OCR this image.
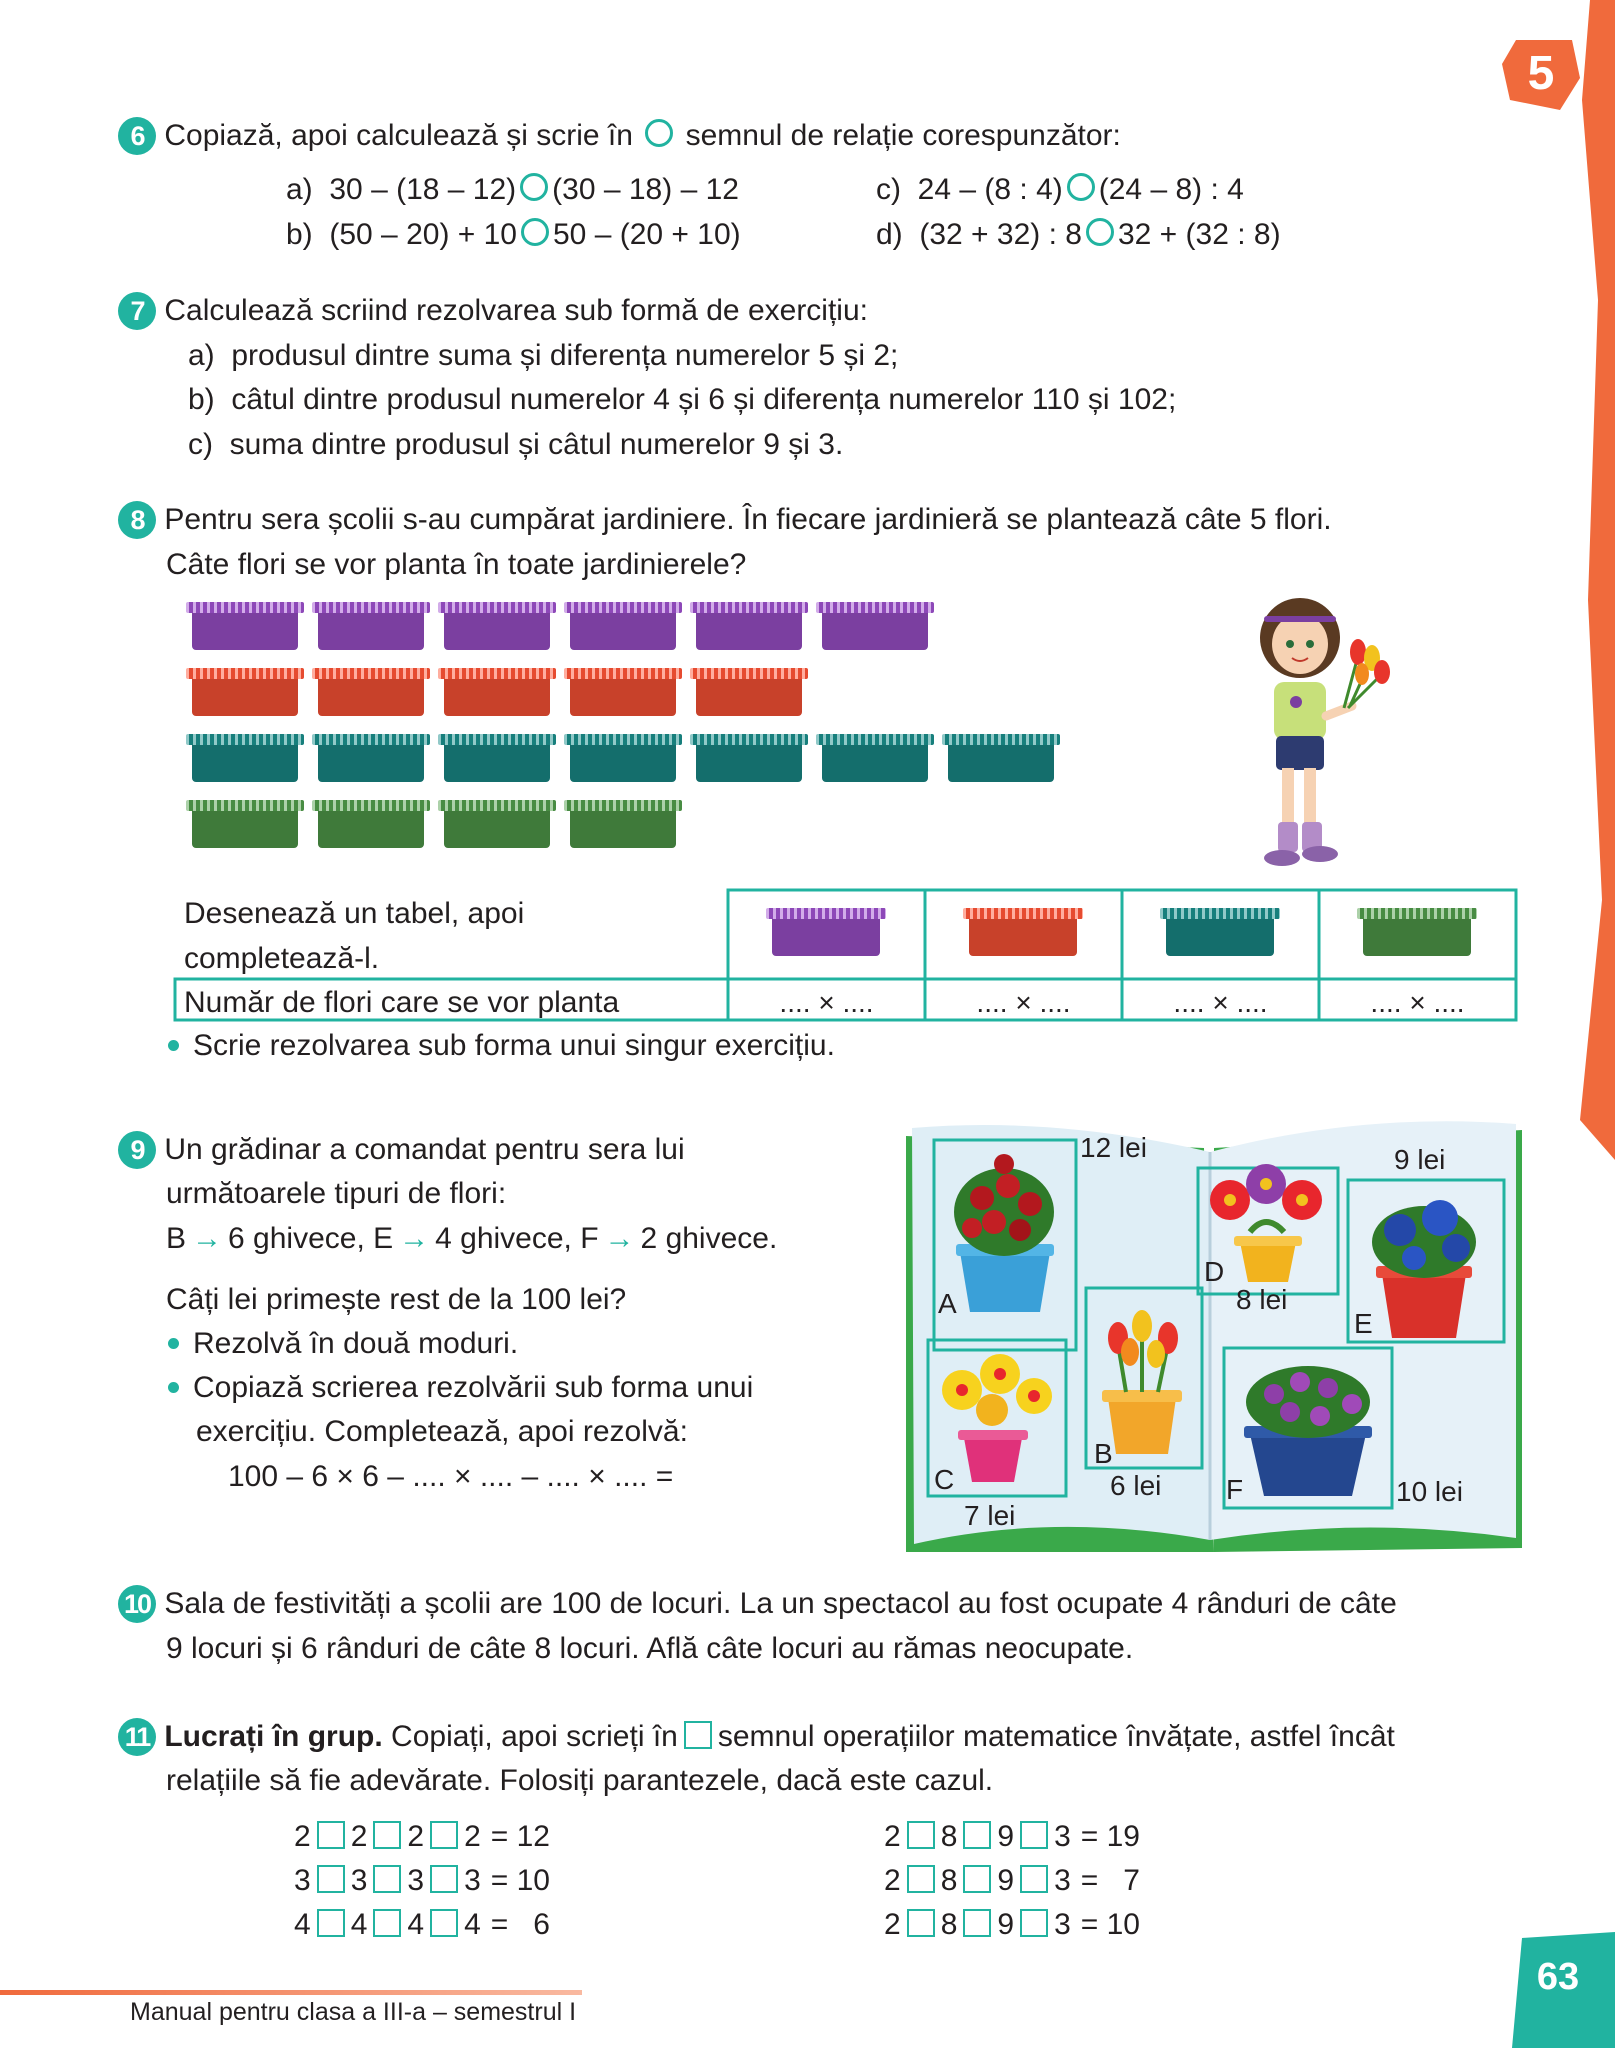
5
6 Copiază, apoi calculează și scrie în semnul de relație corespunzător:
a) 30 – (18 – 12) (30 – 18) – 12
b) (50 – 20) + 10 50 – (20 + 10)
c) 24 – (8 : 4) (24 – 8) : 4
d) (32 + 32) : 8 32 + (32 : 8)
7 Calculează scriind rezolvarea sub formă de exercițiu:
a) produsul dintre suma și diferența numerelor 5 și 2;
b) câtul dintre produsul numerelor 4 și 6 și diferența numerelor 110 și 102;
c) suma dintre produsul și câtul numerelor 9 și 3.
8 Pentru sera școlii s-au cumpărat jardiniere. În fiecare jardinieră se plantează câte 5 flori.
Câte flori se vor planta în toate jardinierele?
Desenează un tabel, apoi
completează-l.
Număr de flori care se vor planta	.... × ....	.... × ....	.... × ....	.... × ....
Scrie rezolvarea sub forma unui singur exercițiu.
9 Un grădinar a comandat pentru sera lui
următoarele tipuri de flori:
B → 6 ghivece, E → 4 ghivece, F → 2 ghivece.
Câți lei primește rest de la 100 lei?
Rezolvă în două moduri.
Copiază scrierea rezolvării sub forma unui
exercițiu. Completează, apoi rezolvă:
100 – 6 × 6 – .... × .... – .... × .... =
12 lei	9 lei
8 lei
6 lei	10 lei
7 lei
A
D
E
B
C	F
10 Sala de festivități a școlii are 100 de locuri. La un spectacol au fost ocupate 4 rânduri de câte
9 locuri și 6 rânduri de câte 8 locuri. Află câte locuri au rămas neocupate.
11 Lucrați în grup. Copiați, apoi scrieți în semnul operațiilor matematice învățate, astfel încât
relațiile să fie adevărate. Folosiți parantezele, dacă este cazul.
2 2 2 2 = 12
3 3 3 3 = 10
4 4 4 4 =   6
2 8 9 3 = 19
2 8 9 3 =   7
2 8 9 3 = 10
Manual pentru clasa a III-a – semestrul I
63
